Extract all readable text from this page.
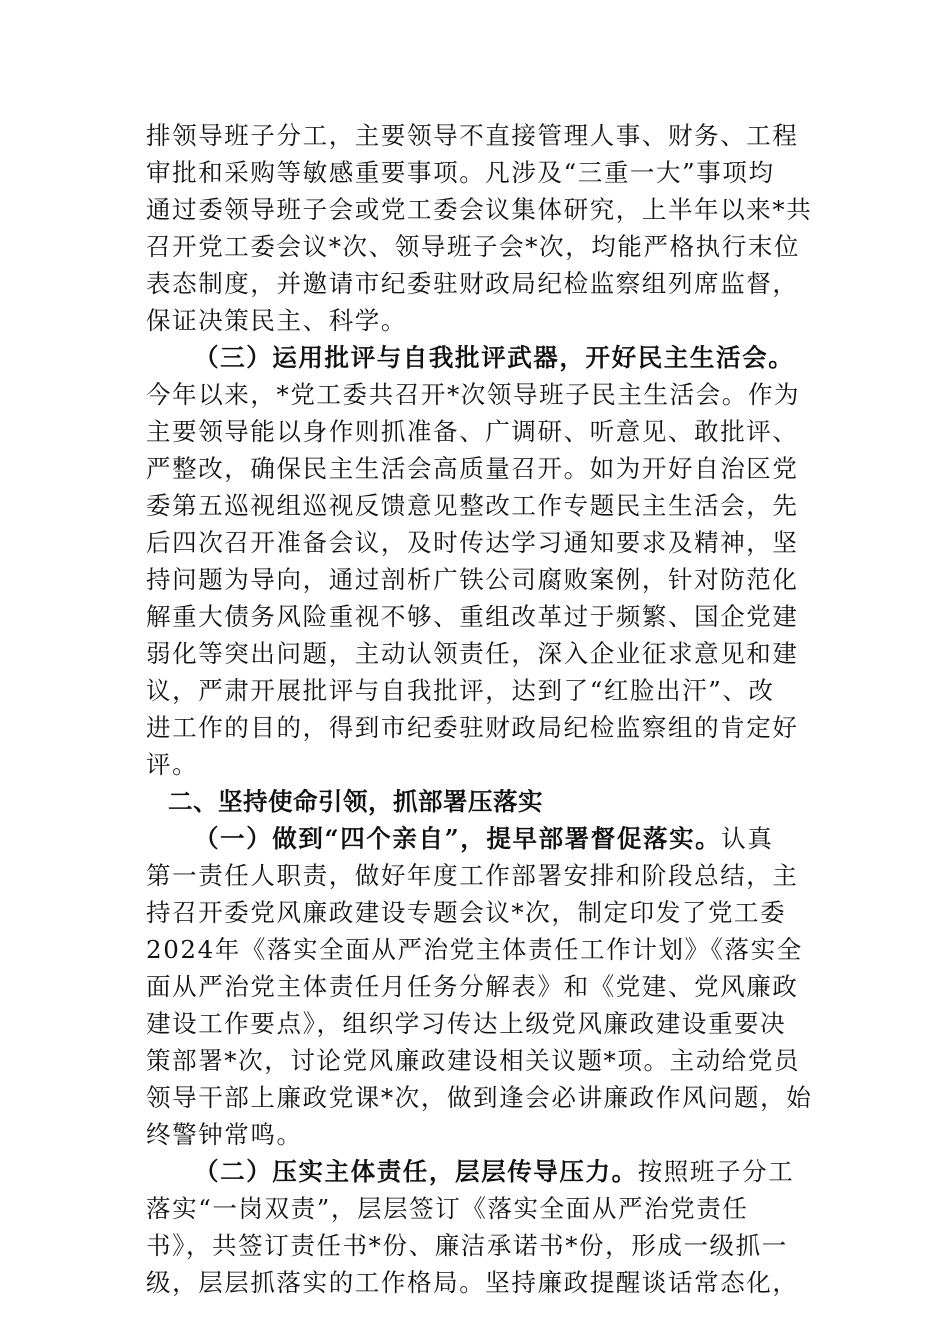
排领导班子分工，主要领导不直接管理人事、财务、工程
审批和采购等敏感重要事项。凡涉及“三重一大”事项均
通过委领导班子会或党工委会议集体研究，上半年以来*共
召开党工委会议*次、领导班子会*次，均能严格执行末位
表态制度，并邀请市纪委驻财政局纪检监察组列席监督，
保证决策民主、科学。
（三）运用批评与自我批评武器，开好民主生活会。
今年以来，*党工委共召开*次领导班子民主生活会。作为
主要领导能以身作则抓准备、广调研、听意见、敢批评、
严整改，确保民主生活会高质量召开。如为开好自治区党
委第五巡视组巡视反馈意见整改工作专题民主生活会，先
后四次召开准备会议，及时传达学习通知要求及精神，坚
持问题为导向，通过剖析广铁公司腐败案例，针对防范化
解重大债务风险重视不够、重组改革过于频繁、国企党建
弱化等突出问题，主动认领责任，深入企业征求意见和建
议，严肃开展批评与自我批评，达到了“红脸出汗”、改
进工作的目的，得到市纪委驻财政局纪检监察组的肯定好
评。
二、坚持使命引领，抓部署压落实
（一）做到“四个亲自”，提早部署督促落实。认真
第一责任人职责，做好年度工作部署安排和阶段总结，主
持召开委党风廉政建设专题会议*次，制定印发了党工委
2024年《落实全面从严治党主体责任工作计划》《落实全
面从严治党主体责任月任务分解表》和《党建、党风廉政
建设工作要点》，组织学习传达上级党风廉政建设重要决
策部署*次，讨论党风廉政建设相关议题*项。主动给党员
领导干部上廉政党课*次，做到逢会必讲廉政作风问题，始
终警钟常鸣。
（二）压实主体责任，层层传导压力。按照班子分工
落实“一岗双责”，层层签订《落实全面从严治党责任
书》，共签订责任书*份、廉洁承诺书*份，形成一级抓一
级，层层抓落实的工作格局。坚持廉政提醒谈话常态化，
